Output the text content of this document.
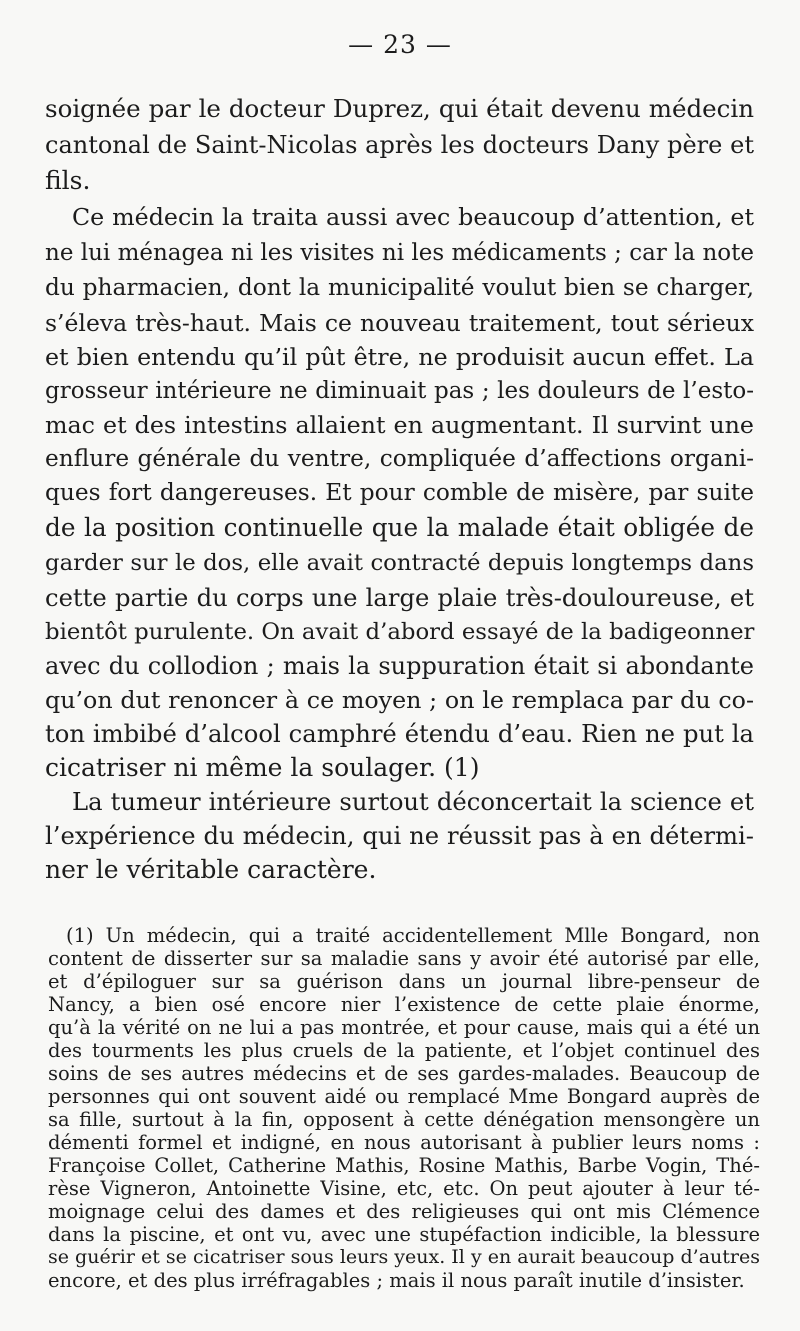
— 23 —
soignée par le docteur Duprez, qui était devenu médecin
cantonal de Saint-Nicolas après les docteurs Dany père et
fils.
Ce médecin la traita aussi avec beaucoup d’attention, et
ne lui ménagea ni les visites ni les médicaments ; car la note
du pharmacien, dont la municipalité voulut bien se charger,
s’éleva très-haut. Mais ce nouveau traitement, tout sérieux
et bien entendu qu’il pût être, ne produisit aucun effet. La
grosseur intérieure ne diminuait pas ; les douleurs de l’esto-
mac et des intestins allaient en augmentant. Il survint une
enflure générale du ventre, compliquée d’affections organi-
ques fort dangereuses. Et pour comble de misère, par suite
de la position continuelle que la malade était obligée de
garder sur le dos, elle avait contracté depuis longtemps dans
cette partie du corps une large plaie très-douloureuse, et
bientôt purulente. On avait d’abord essayé de la badigeonner
avec du collodion ; mais la suppuration était si abondante
qu’on dut renoncer à ce moyen ; on le remplaca par du co-
ton imbibé d’alcool camphré étendu d’eau. Rien ne put la
cicatriser ni même la soulager. (1)
La tumeur intérieure surtout déconcertait la science et
l’expérience du médecin, qui ne réussit pas à en détermi-
ner le véritable caractère.
(1) Un médecin, qui a traité accidentellement Mlle Bongard, non
content de disserter sur sa maladie sans y avoir été autorisé par elle,
et d’épiloguer sur sa guérison dans un journal libre-penseur de
Nancy, a bien osé encore nier l’existence de cette plaie énorme,
qu’à la vérité on ne lui a pas montrée, et pour cause, mais qui a été un
des tourments les plus cruels de la patiente, et l’objet continuel des
soins de ses autres médecins et de ses gardes-malades. Beaucoup de
personnes qui ont souvent aidé ou remplacé Mme Bongard auprès de
sa fille, surtout à la fin, opposent à cette dénégation mensongère un
démenti formel et indigné, en nous autorisant à publier leurs noms :
Françoise Collet, Catherine Mathis, Rosine Mathis, Barbe Vogin, Thé-
rèse Vigneron, Antoinette Visine, etc, etc. On peut ajouter à leur té-
moignage celui des dames et des religieuses qui ont mis Clémence
dans la piscine, et ont vu, avec une stupéfaction indicible, la blessure
se guérir et se cicatriser sous leurs yeux. Il y en aurait beaucoup d’autres
encore, et des plus irréfragables ; mais il nous paraît inutile d’insister.
